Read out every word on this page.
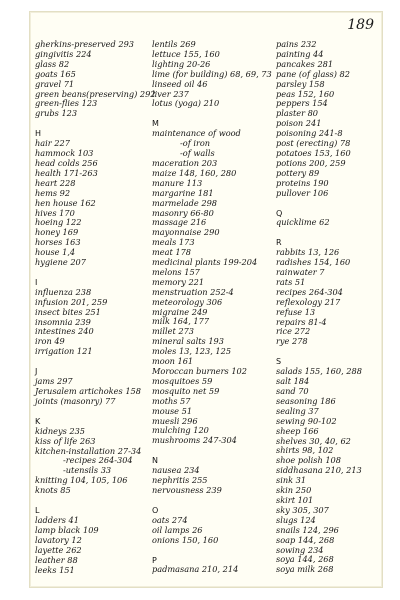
189
gherkins-preserved 293
gingivitis 224
glass 82
goats 165
gravel 71
green beans(preserving) 292
green-flies 123
grubs 123
H
hair 227
hammock 103
head colds 256
health 171-263
heart 228
hems 92
hen house 162
hives 170
hoeing 122
honey 169
horses 163
house 1,4
hygiene 207
I
influenza 238
infusion 201, 259
insect bites 251
insomnia 239
intestines 240
iron 49
irrigation 121
J
jams 297
Jerusalem artichokes 158
joints (masonry) 77
K
kidneys 235
kiss of life 263
kitchen-installation 27-34
-recipes 264-304
-utensils 33
knitting 104, 105, 106
knots 85
L
ladders 41
lamp black 109
lavatory 12
layette 262
leather 88
leeks 151
lentils 269
lettuce 155, 160
lighting 20-26
lime (for building) 68, 69, 73
linseed oil 46
liver 237
lotus (yoga) 210
M
maintenance of wood
-of iron
-of walls
maceration 203
maize 148, 160, 280
manure 113
margarine 181
marmelade 298
masonry 66-80
massage 216
mayonnaise 290
meals 173
meat 178
medicinal plants 199-204
melons 157
memory 221
menstruation 252-4
meteorology 306
migraine 249
milk 164, 177
millet 273
mineral salts 193
moles 13, 123, 125
moon 161
Moroccan burners 102
mosquitoes 59
mosquito net 59
moths 57
mouse 51
muesli 296
mulching 120
mushrooms 247-304
N
nausea 234
nephritis 255
nervousness 239
O
oats 274
oil lamps 26
onions 150, 160
P
padmasana 210, 214
pains 232
painting 44
pancakes 281
pane (of glass) 82
parsley 158
peas 152, 160
peppers 154
plaster 80
poison 241
poisoning 241-8
post (erecting) 78
potatoes 153, 160
potions 200, 259
pottery 89
proteins 190
pullover 106
Q
quicklime 62
R
rabbits 13, 126
radishes 154, 160
rainwater 7
rats 51
recipes 264-304
reflexology 217
refuse 13
repairs 81-4
rice 272
rye 278
S
salads 155, 160, 288
salt 184
sand 70
seasoning 186
sealing 37
sewing 90-102
sheep 166
shelves 30, 40, 62
shirts 98, 102
shoe polish 108
siddhasana 210, 213
sink 31
skin 250
skirt 101
sky 305, 307
slugs 124
snails 124, 296
soap 144, 268
sowing 234
soya 144, 268
soya milk 268
